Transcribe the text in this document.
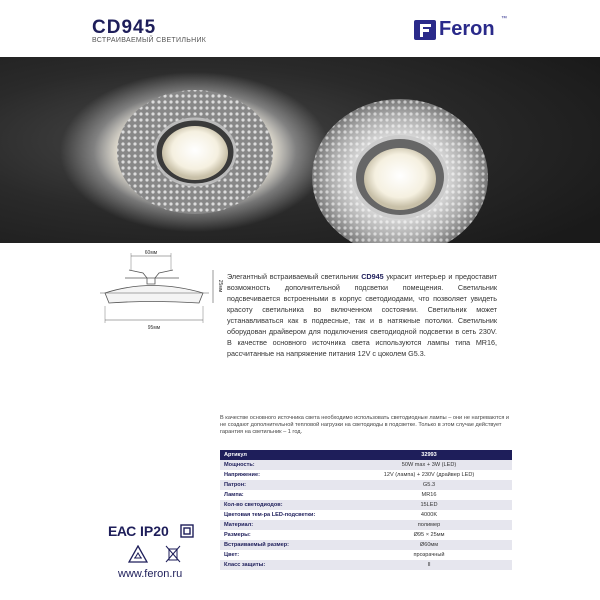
CD945
ВСТРАИВАЕМЫЙ СВЕТИЛЬНИК
Feron ™
60мм
95мм
25мм
Элегантный встраиваемый светильник CD945 украсит интерьер и предоставит возможность дополнительной подсветки помещения. Светильник подсвечивается встроенными в корпус светодиодами, что позволяет увидеть красоту светильника во включенном состоянии. Светильник может устанавливаться как в подвесные, так и в натяжные потолки. Светильник оборудован драйвером для подключения светодиодной подсветки в сеть 230V. В качестве основного источника света используются лампы типа MR16, рассчитанные на напряжение питания 12V с цоколем G5.3.
В качестве основного источника света необходимо использовать светодиодные лампы – они не нагреваются и не создают дополнительной тепловой нагрузки на светодиоды в подсветке. Только в этом случае действует гарантия на светильник – 1 год.
Артикул	32993
Мощность:	50W max + 3W (LED)
Напряжение:	12V (лампа) + 230V (драйвер LED)
Патрон:	G5.3
Лампа:	MR16
Кол-во светодиодов:	15LED
Цветовая тем-ра LED-подсветки:	4000K
Материал:	полимер
Размеры:	Ø95 × 25мм
Встраиваемый размер:	Ø60мм
Цвет:	прозрачный
Класс защиты:	II
ЕАС IP20
www.feron.ru
